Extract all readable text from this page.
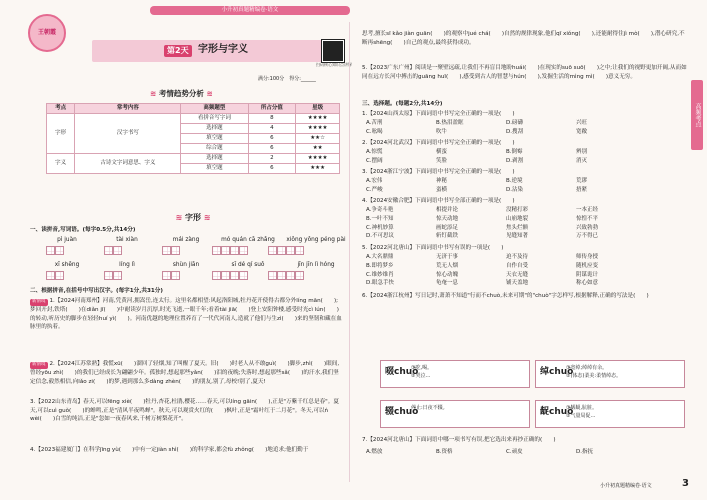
小升初真题精编卷·语文
王朝霞
第2天 字形与字义
扫码核心知识点讲解
满分:100分　得分:______
≋ 考情趋势分析 ≋
考点	常考内容	高频题型	所占分值	星级
字形	汉字书写	看拼音写字词	8	★★★★
		选择题	4	★★★★
		填空题	6	★★☆
		综合题	6	★★
字义	古诗文字词意思、字义	选择题	2	★★★★
		填空题	6	★★★
≋ 字形 ≋
一、读拼音,写词语。(每字0.5分,共14分)
pì juàn	tài xiàn	mái zàng	mó quán cā zhǎng	xiōng yǒng péng pài
xī shēng	líng lì	shùn jiān	sī dé qí suǒ	jīn jīn lì hóng
二、根据拼音,在括号中写出汉字。(每字1分,共31分)
新情境 1.【2024河南郑州】河南,凭黄河,拥嵩岳,连太行。这里名都相望:风起洛阳城,牡丹花开使得古都分外líng mān(　　);梦回开封,铁塔(　　)在diǎn jī(　　)中耐读岁月沉厚,时光飞逝,一眼千年;看着tài jiā(　　)登上安阳钟楼,感受时光cì lún(　　)的转动,听历史的脚步在轻轻huí yì(　　)。河南优越的地理位置养育了一代代河南人,造就了他们与生zì(　　)来的坚韧和藏在血脉里的执着。
新情境 2.【2024江苏常熟】我慌xū(　　)溜回了轻烟,知了叫醒了夏天。旧(　　)时老人从不敢guì(　　)脚步,zhì(　　)眼间,曾经yōu zhì(　　)的我们已经成长为翩翩少年。孤独时,想起那些yǎn(　　)泪的夜晚;失落时,想起那些sǎ(　　)的汗水,我们坚定信念,毅然相信,向lǎo zi(　　)的梦,遇到那么多dàng zhèn(　　)的朋友,别了,母校!别了,夏天!
3.【2022山东青岛】春天,可以fēng xiè(　　)牡丹,杏花,杜鹃,樱花……春天,可以líng gāin(　　),正是"万紫千红总是春"。夏天,可以cuì guǒ(　　)的蝉鸣,正是"清风半夜鸣蝉"。秋天,可以观赏火红的(　　)枫叶,正是"霜叶红于二月花"。冬天,可以ń wèi(　　)白雪的纯洁,正是"忽如一夜春风来,千树万树梨花开"。
4.【2023福建厦门】在科学jīng yù(　　)中有一定jiàn shì(　　)的科学家,都会fù zhǒng(　　)地追求;他们勤于
思考,擅长sī kǎo jiàn guān(　　)的观察中jué chá(　　)自然的规律现象,他们qī xiǒng(　　),还能耐得住jì mò(　　),潜心研究,不断再shēng(　　)自己的观点,最终获得成功。
5.【2023广东广州】阅读是一聚壁远疏,让我们不再盲目地盼huái(　　)在现实的suō suō(　　)之中;让我们的视野更加开阔,从而如同在远方长河中搏击的guāng huī(　　),感受到古人的智慧与hún(　　),发掘生活的mìng mì(　　)意义无穷。
三、选择题。(每题2分,共14分)
1.【2024山西太原】下面词语中书写完全正确的一项是(　　)
A.苦刑	B.热泪盈眶	D.磅礴	兴旺
C.吆喝	吹牛	D.搜刮	宽敞
2.【2024河北武汉】下面词语中书写完全正确的一项是(　　)
A.惊慌	横蛮	B.倒霉	辨别
C.摆阔	笑脸	D.剥割	消灭
3.【2024浙江宁波】下面词语中书写完全正确的一项是(　　)
A.宏伟	神秘	B.逆境	荒谬
C.严峻	蛮横	D.沾染	捂紧
4.【2024安徽合肥】下面词语中书写全部正确的一项是(　　)
A.争奇斗艳	相提并论	没精打彩	一本正经
B.一叶不知	惊天动地	山崩地裂	惊惶不平
C.神机妙算	画蛇添足	焦头烂额	兴致勃勃
D.不可思议	斩钉截铁	见缝知著	万不得已
5.【2022河北唐山】下面词语中书写有误的一项是(　　)
A.大名鼎鼎	无济于事	迫不及待	师传身授
B.即将梦乡	荒无人烟	自作自受	随机应变
C.维妙维肖	惊心动魄	天衣无缝	阴谋诡计
D.眼急手快	龟奄一息	铺天盖地	称心如意
6.【2024浙江杭州】写日记时,萧萧不知道"行而不chuò,未来可期"的"chuò"字怎样写,根据解释,正确的写法是(　　)
啜chuò
①吃,喝。
②哭泣…	绰chuò
①宽绰;绰绰有余。
②(体态)柔美:柔情绰态。
辍chuò
停止:日夜不辍。	龊chuò
①龌龊,肮脏。
②气量局促…
7.【2024河北唐山】下面词语中哪一项书写有误,把它选出来再抄正确的(　　)
A.燃放	B.资格	C.顽皮	D.指抚
高频考点
小升初真题精编卷·语文	3
